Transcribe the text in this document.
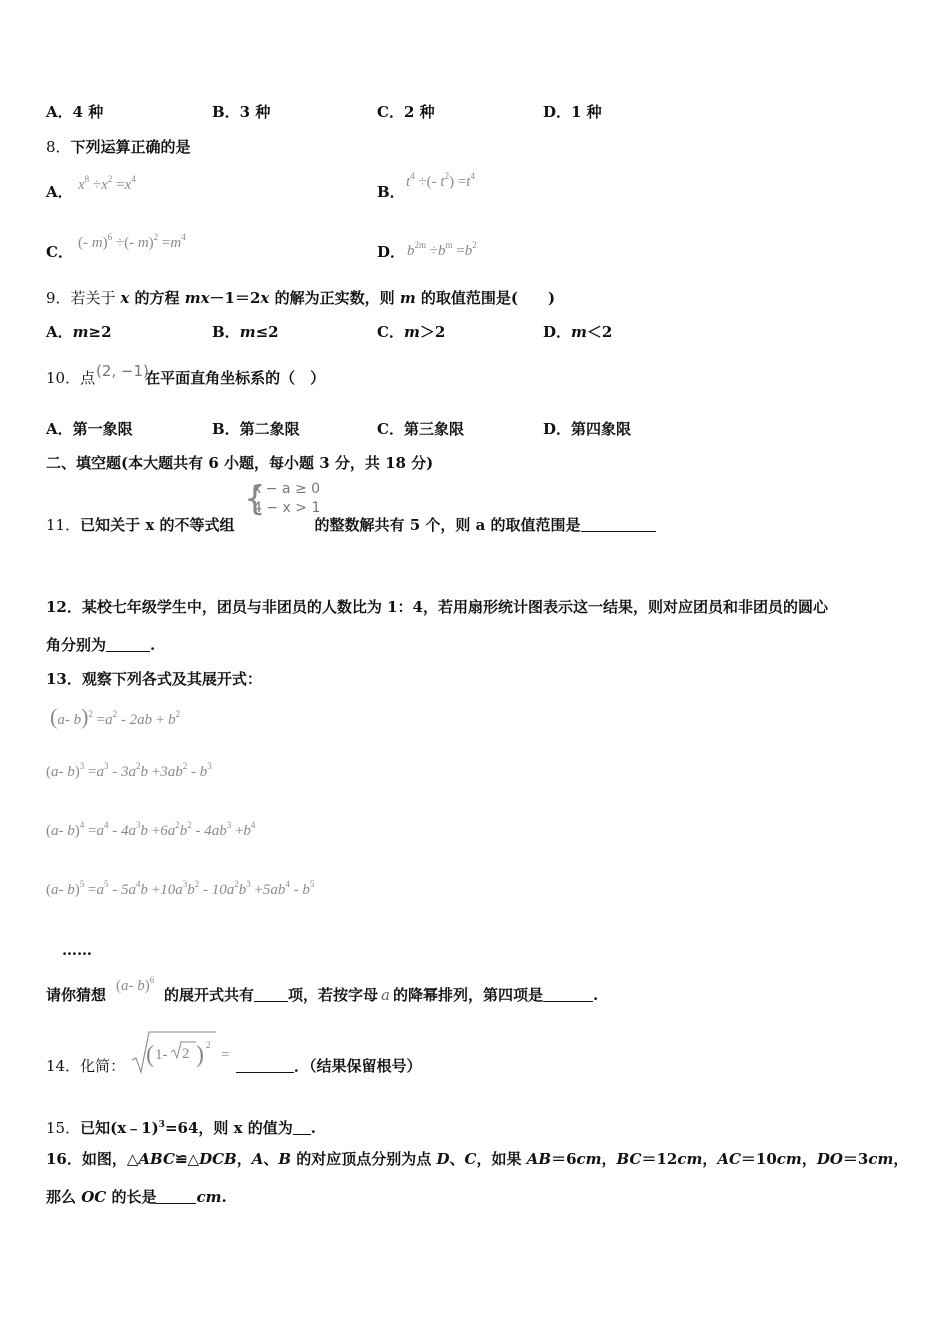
A．4 种	B．3 种	C．2 种	D．1 种
8．下列运算正确的是
A． $x^8 \div x^2 =x^4$
B．
$t^4$ ÷(- $t^2) =t^4$
C． (- m)$^6$ ÷(- $m)^2 =m^4$
D． $b^{2m} \div b^m =b^2$
9．若关于 x 的方程 mx－1＝2x 的解为正实数，则 m 的取值范围是(　　)
A．m≥2	B．m≤2	C．m＞2	D．m＜2
10．点	在平面直角坐标系的（　）
(2, −1)
A．第一象限	B．第二象限	C．第三象限	D．第四象限
二、填空题(本大题共有 6 小题，每小题 3 分，共 18 分)
{
x − a ≥ 0
4 − x > 1
11．已知关于 x 的不等式组	的整数解共有 5 个，则 a 的取值范围是
12．某校七年级学生中，团员与非团员的人数比为 1：4，若用扇形统计图表示这一结果，则对应团员和非团员的圆心
角分别为	.
13．观察下列各式及其展开式：
(a- $b)^2 =a^2 - 2ab + b^2$
(a- $b)^3 =a^3 - 3a^2b +3ab^2 - b^3$
(a- $b)^4 =a^4 - 4a^3b +6a^2b^2 - 4ab^3 +b^4$
(a- $b)^5 =a^5 - 5a^4b +10a^3b^2 - 10a^2b^3 +5ab^4 - b^5$
……
(a- b)$^6$
请你猜想	的展开式共有 项，若按字母 a 的降幂排列，第四项是	.
14．化简： ( 1- 2 ) 2
=
．（结果保留根号）
15．已知(x﹣1)$^3$=64，则 x 的值为 .
16．如图，△ABC≌△DCB，A、B 的对应顶点分别为点 D、C，如果 AB＝6cm，BC＝12cm，AC＝10cm，DO＝3cm，
那么 OC 的长是	cm.
